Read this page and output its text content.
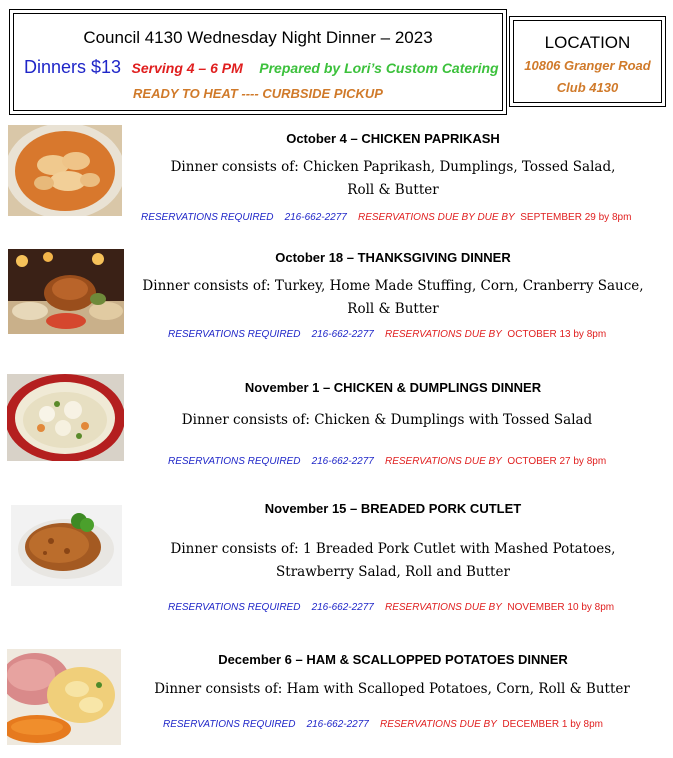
Council 4130 Wednesday Night Dinner – 2023
Dinners $13 Serving 4 – 6 PM Prepared by Lori’s Custom Catering
READY TO HEAT ---- CURBSIDE PICKUP
LOCATION
10806 Granger Road
Club 4130
October 4 – CHICKEN PAPRIKASH
Dinner consists of: Chicken Paprikash, Dumplings, Tossed Salad,
Roll & Butter
RESERVATIONS REQUIRED 216-662-2277 RESERVATIONS DUE BY DUE BY SEPTEMBER 29 by 8pm
October 18 – THANKSGIVING DINNER
Dinner consists of: Turkey, Home Made Stuffing, Corn, Cranberry Sauce,
Roll & Butter
RESERVATIONS REQUIRED 216-662-2277 RESERVATIONS DUE BY OCTOBER 13 by 8pm
November 1 – CHICKEN & DUMPLINGS DINNER
Dinner consists of: Chicken & Dumplings with Tossed Salad
RESERVATIONS REQUIRED 216-662-2277 RESERVATIONS DUE BY OCTOBER 27 by 8pm
November 15 – BREADED PORK CUTLET
Dinner consists of: 1 Breaded Pork Cutlet with Mashed Potatoes,
Strawberry Salad, Roll and Butter
RESERVATIONS REQUIRED 216-662-2277 RESERVATIONS DUE BY NOVEMBER 10 by 8pm
December 6 – HAM & SCALLOPPED POTATOES DINNER
Dinner consists of: Ham with Scalloped Potatoes, Corn, Roll & Butter
RESERVATIONS REQUIRED 216-662-2277 RESERVATIONS DUE BY DECEMBER 1 by 8pm
